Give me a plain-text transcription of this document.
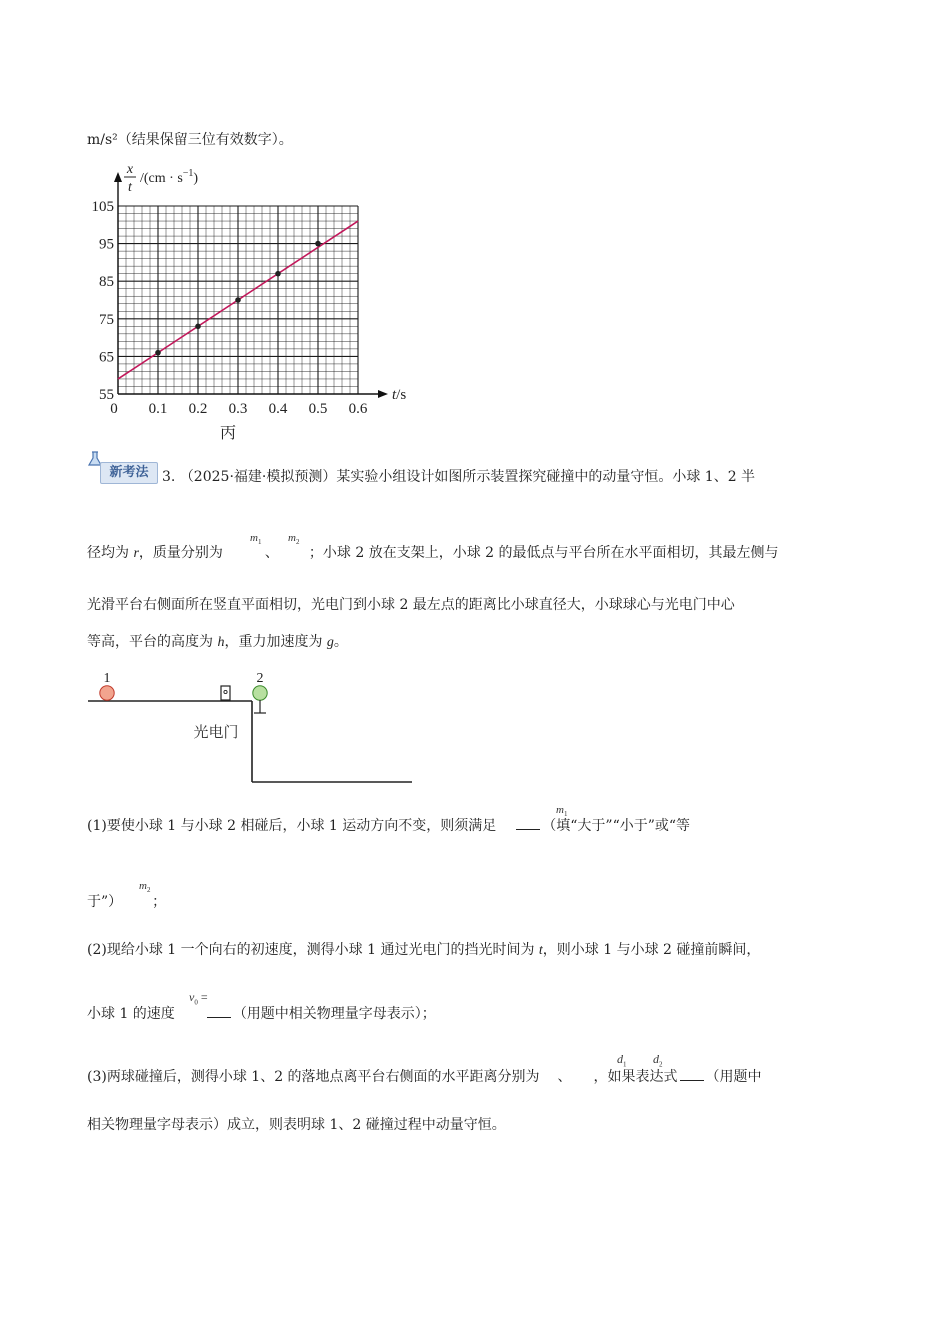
m/s²（结果保留三位有效数字）。
0 0.1 0.2 0.3 0.4 0.5 0.6
55
65
75
85
95
105
t/s
x
t
$/(cm \cdot s^{-1})$
丙
新考法 3. （2025·福建·模拟预测）某实验小组设计如图所示装置探究碰撞中的动量守恒。小球 1、2 半
径均为 r，质量分别为	、 ；小球 2 放在支架上，小球 2 的最低点与平台所在水平面相切，其最左侧与
$m_1$ $m_2$
光滑平台右侧面所在竖直平面相切，光电门到小球 2 最左点的距离比小球直径大，小球球心与光电门中心
等高，平台的高度为 h，重力加速度为 g。
1
光电门
2
(1)要使小球 1 与小球 2 相碰后，小球 1 运动方向不变，则须满足	（填“大于”“小于”或“等
$m_1$
于”） ；
$m_2$
(2)现给小球 1 一个向右的初速度，测得小球 1 通过光电门的挡光时间为 t，则小球 1 与小球 2 碰撞前瞬间，
小球 1 的速度	（用题中相关物理量字母表示）；
$v_0$ =
(3)两球碰撞后，测得小球 1、2 的落地点离平台右侧面的水平距离分别为 、 ，如果表达式 （用题中
$d_1$ $d_2$
相关物理量字母表示）成立，则表明球 1、2 碰撞过程中动量守恒。
